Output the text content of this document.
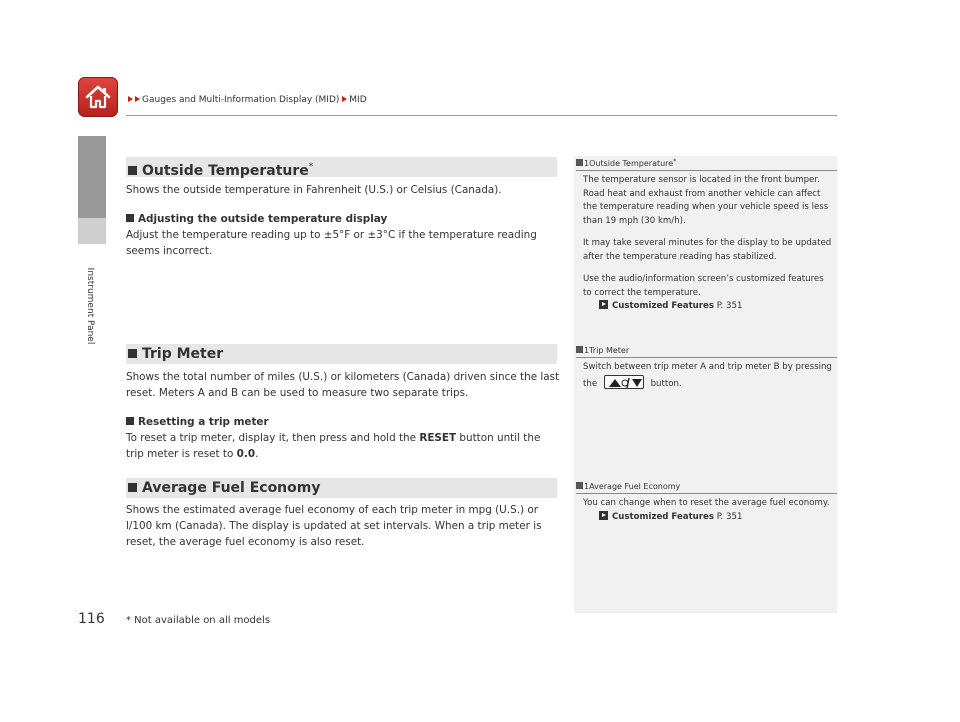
Gauges and Multi-Information Display (MID) MID
Instrument Panel
Outside Temperature*
Shows the outside temperature in Fahrenheit (U.S.) or Celsius (Canada).
Adjusting the outside temperature display
Adjust the temperature reading up to ±5°F or ±3°C if the temperature reading seems incorrect.
Trip Meter
Shows the total number of miles (U.S.) or kilometers (Canada) driven since the last reset. Meters A and B can be used to measure two separate trips.
Resetting a trip meter
To reset a trip meter, display it, then press and hold the RESET button until the trip meter is reset to 0.0.
Average Fuel Economy
Shows the estimated average fuel economy of each trip meter in mpg (U.S.) or l/100 km (Canada). The display is updated at set intervals. When a trip meter is reset, the average fuel economy is also reset.
1Outside Temperature*
The temperature sensor is located in the front bumper.
Road heat and exhaust from another vehicle can affect the temperature reading when your vehicle speed is less than 19 mph (30 km/h).
It may take several minutes for the display to be updated after the temperature reading has stabilized.
Use the audio/information screen’s customized features to correct the temperature.
Customized Features P. 351
1Trip Meter
Switch between trip meter A and trip meter B by pressing the	button.
1Average Fuel Economy
You can change when to reset the average fuel economy.
Customized Features P. 351
116 * Not available on all models
